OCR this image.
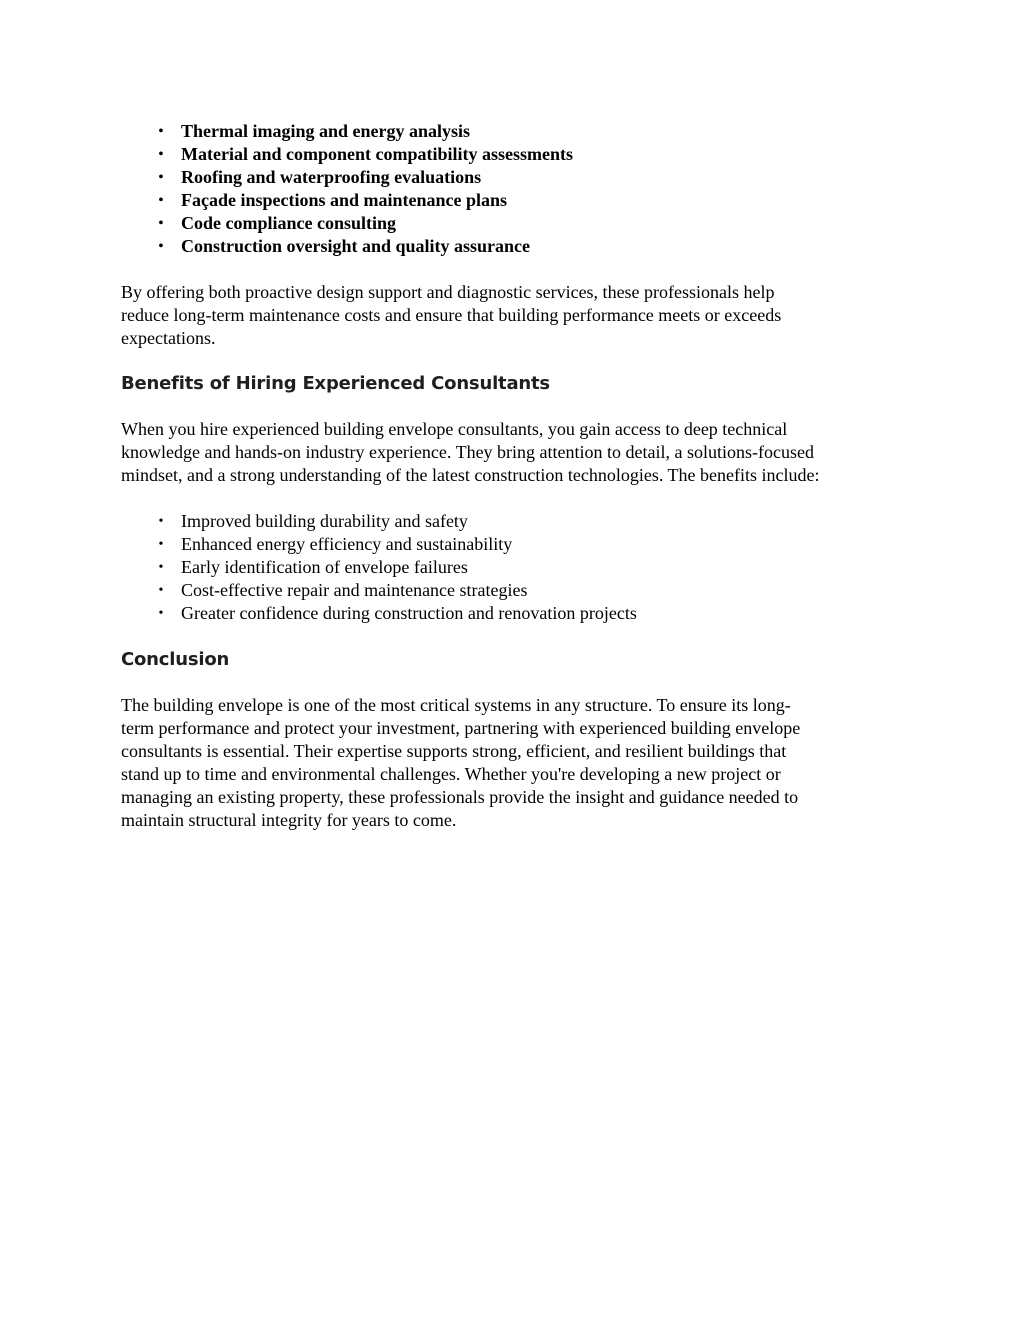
• Thermal imaging and energy analysis
• Material and component compatibility assessments
• Roofing and waterproofing evaluations
• Façade inspections and maintenance plans
• Code compliance consulting
• Construction oversight and quality assurance

By offering both proactive design support and diagnostic services, these professionals help
reduce long-term maintenance costs and ensure that building performance meets or exceeds
expectations.

Benefits of Hiring Experienced Consultants

When you hire experienced building envelope consultants, you gain access to deep technical
knowledge and hands-on industry experience. They bring attention to detail, a solutions-focused
mindset, and a strong understanding of the latest construction technologies. The benefits include:

• Improved building durability and safety
• Enhanced energy efficiency and sustainability
• Early identification of envelope failures
• Cost-effective repair and maintenance strategies
• Greater confidence during construction and renovation projects
Conclusion

The building envelope is one of the most critical systems in any structure. To ensure its long-
term performance and protect your investment, partnering with experienced building envelope
consultants is essential. Their expertise supports strong, efficient, and resilient buildings that
stand up to time and environmental challenges. Whether you're developing a new project or
managing an existing property, these professionals provide the insight and guidance needed to
maintain structural integrity for years to come.
